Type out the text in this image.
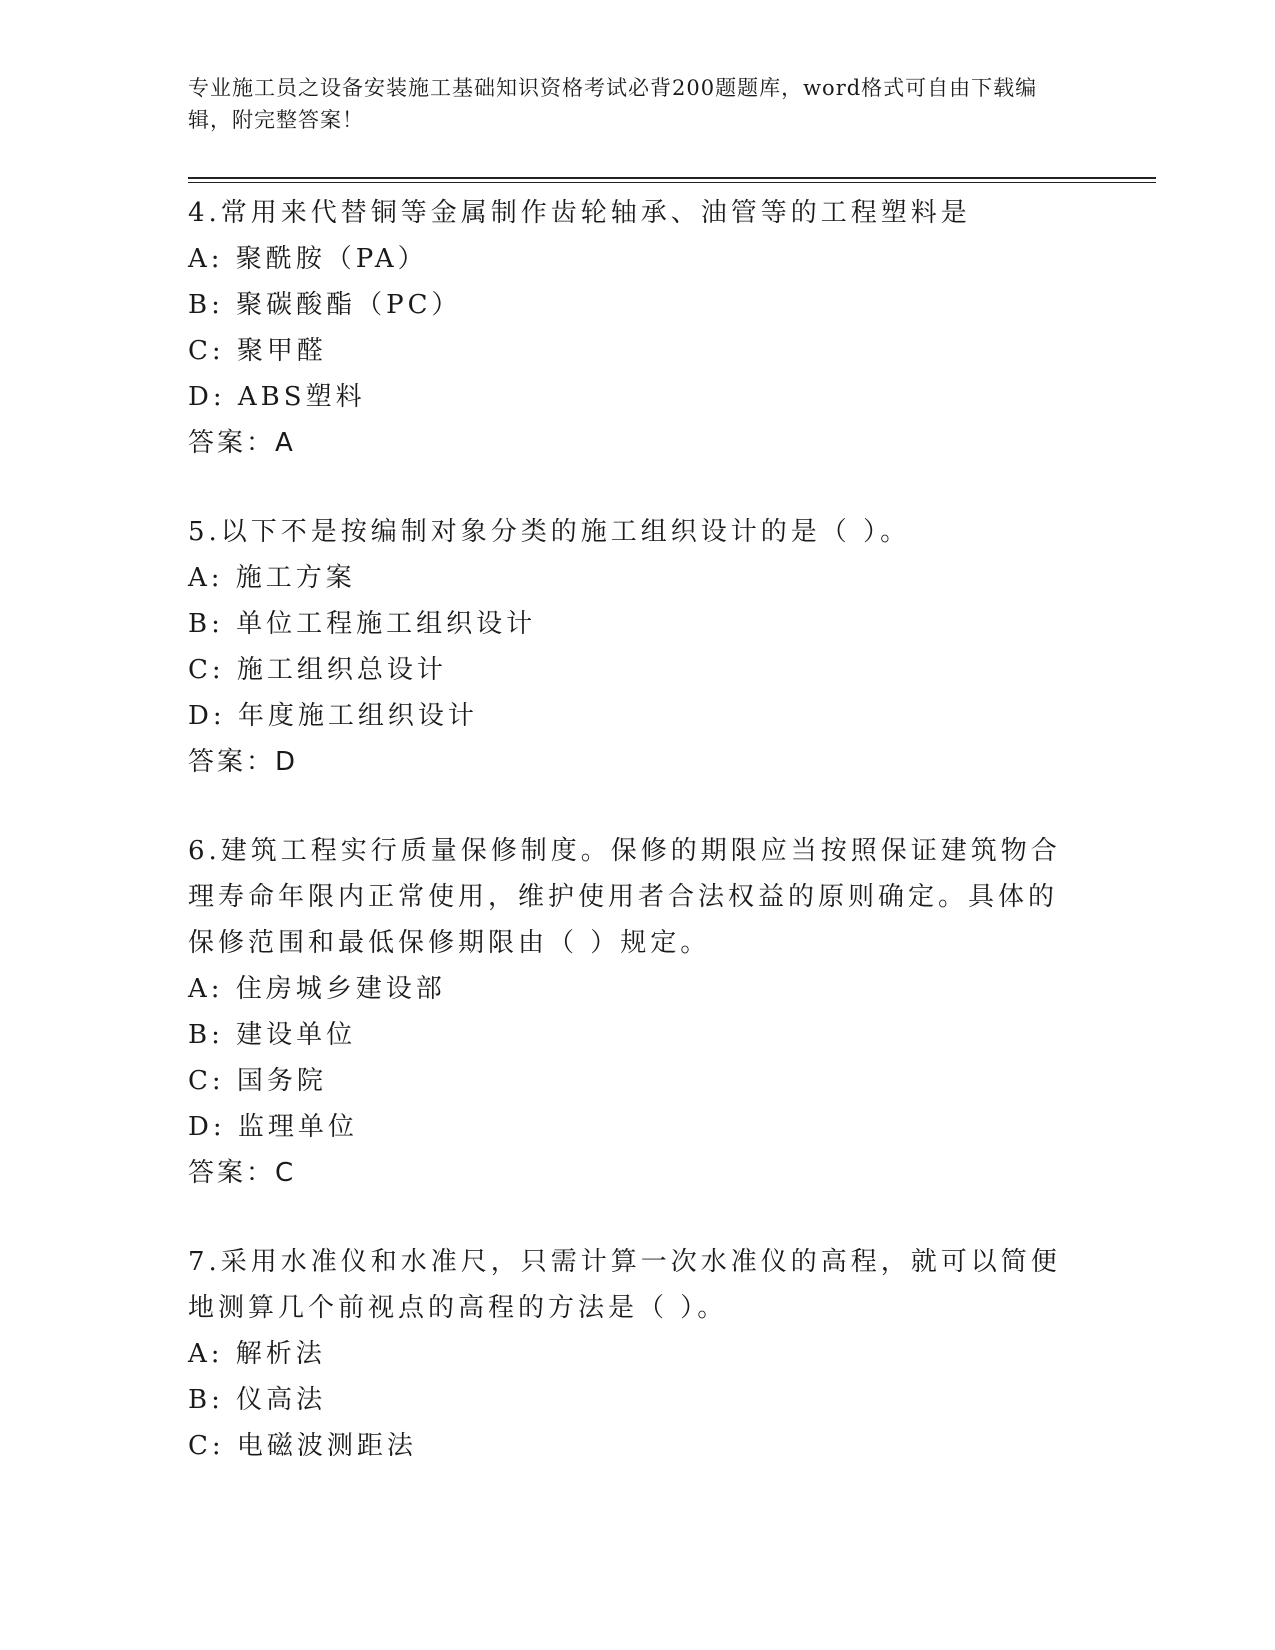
专业施工员之设备安装施工基础知识资格考试必背200题题库，word格式可自由下载编辑，附完整答案！

4.常用来代替铜等金属制作齿轮轴承、油管等的工程塑料是

A: 聚酰胺（PA）

B: 聚碳酸酯（PC）

C: 聚甲醛

D: ABS塑料

答案：A

5.以下不是按编制对象分类的施工组织设计的是（ ）。

A: 施工方案

B: 单位工程施工组织设计

C: 施工组织总设计

D: 年度施工组织设计

答案：D

6.建筑工程实行质量保修制度。保修的期限应当按照保证建筑物合理寿命年限内正常使用，维护使用者合法权益的原则确定。具体的保修范围和最低保修期限由（ ）规定。

A: 住房城乡建设部

B: 建设单位

C: 国务院

D: 监理单位

答案：C

7.采用水准仪和水准尺，只需计算一次水准仪的高程，就可以简便地测算几个前视点的高程的方法是（ ）。

A: 解析法

B: 仪高法

C: 电磁波测距法
